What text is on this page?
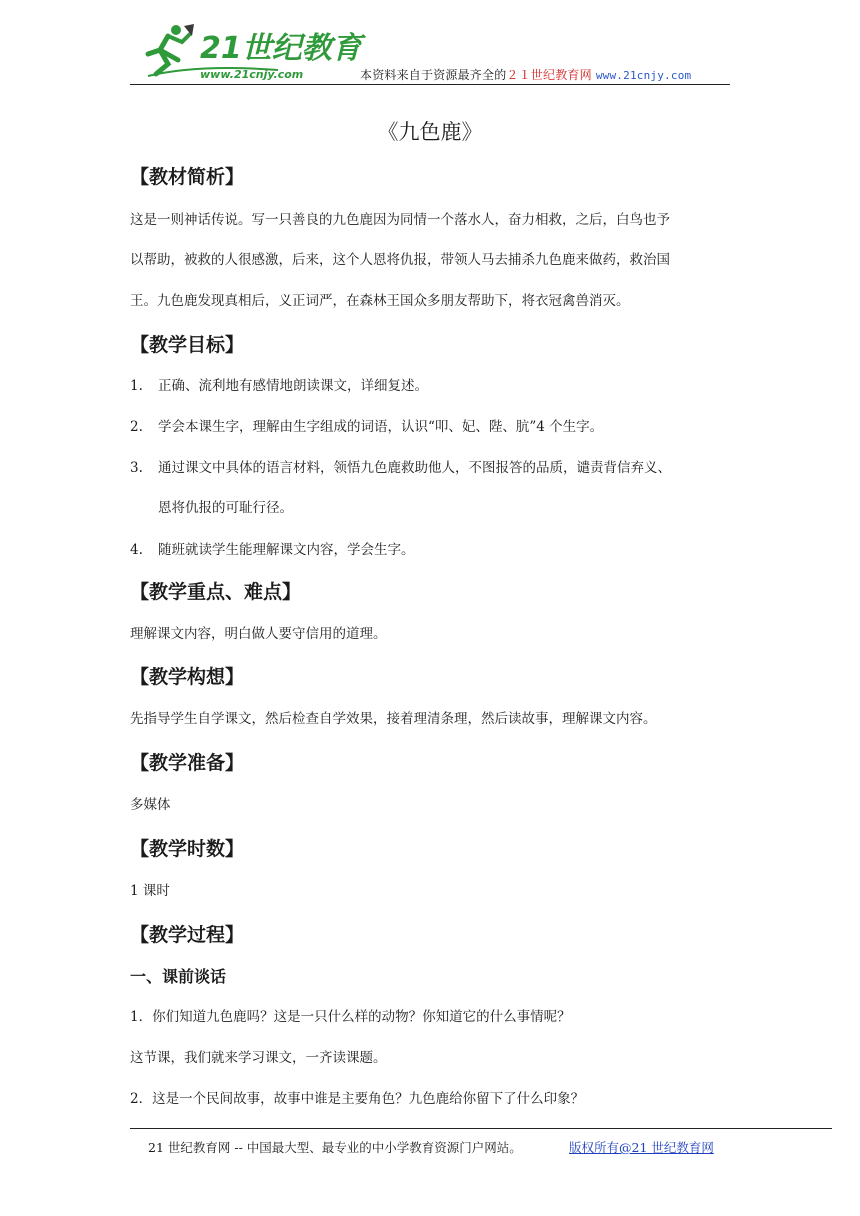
21世纪教育
www.21cnjy.com	本资料来自于资源最齐全的２１世纪教育网 www.21cnjy.com
《九色鹿》
【教材简析】
这是一则神话传说。写一只善良的九色鹿因为同情一个落水人，奋力相救，之后，白鸟也予
以帮助，被救的人很感激，后来，这个人恩将仇报，带领人马去捕杀九色鹿来做药，救治国
王。九色鹿发现真相后，义正词严，在森林王国众多朋友帮助下，将衣冠禽兽消灭。
【教学目标】
1. 正确、流利地有感情地朗读课文，详细复述。
2. 学会本课生字，理解由生字组成的词语，认识“叩、妃、陛、肮”4 个生字。
3. 通过课文中具体的语言材料，领悟九色鹿救助他人，不图报答的品质，谴责背信弃义、
恩将仇报的可耻行径。
4. 随班就读学生能理解课文内容，学会生字。
【教学重点、难点】
理解课文内容，明白做人要守信用的道理。
【教学构想】
先指导学生自学课文，然后检查自学效果，接着理清条理，然后读故事，理解课文内容。
【教学准备】
多媒体
【教学时数】
1 课时
【教学过程】
一、课前谈话
1．你们知道九色鹿吗？这是一只什么样的动物？你知道它的什么事情呢？
这节课，我们就来学习课文，一齐读课题。
2．这是一个民间故事，故事中谁是主要角色？九色鹿给你留下了什么印象？
21 世纪教育网 -- 中国最大型、最专业的中小学教育资源门户网站。	版权所有@21 世纪教育网
